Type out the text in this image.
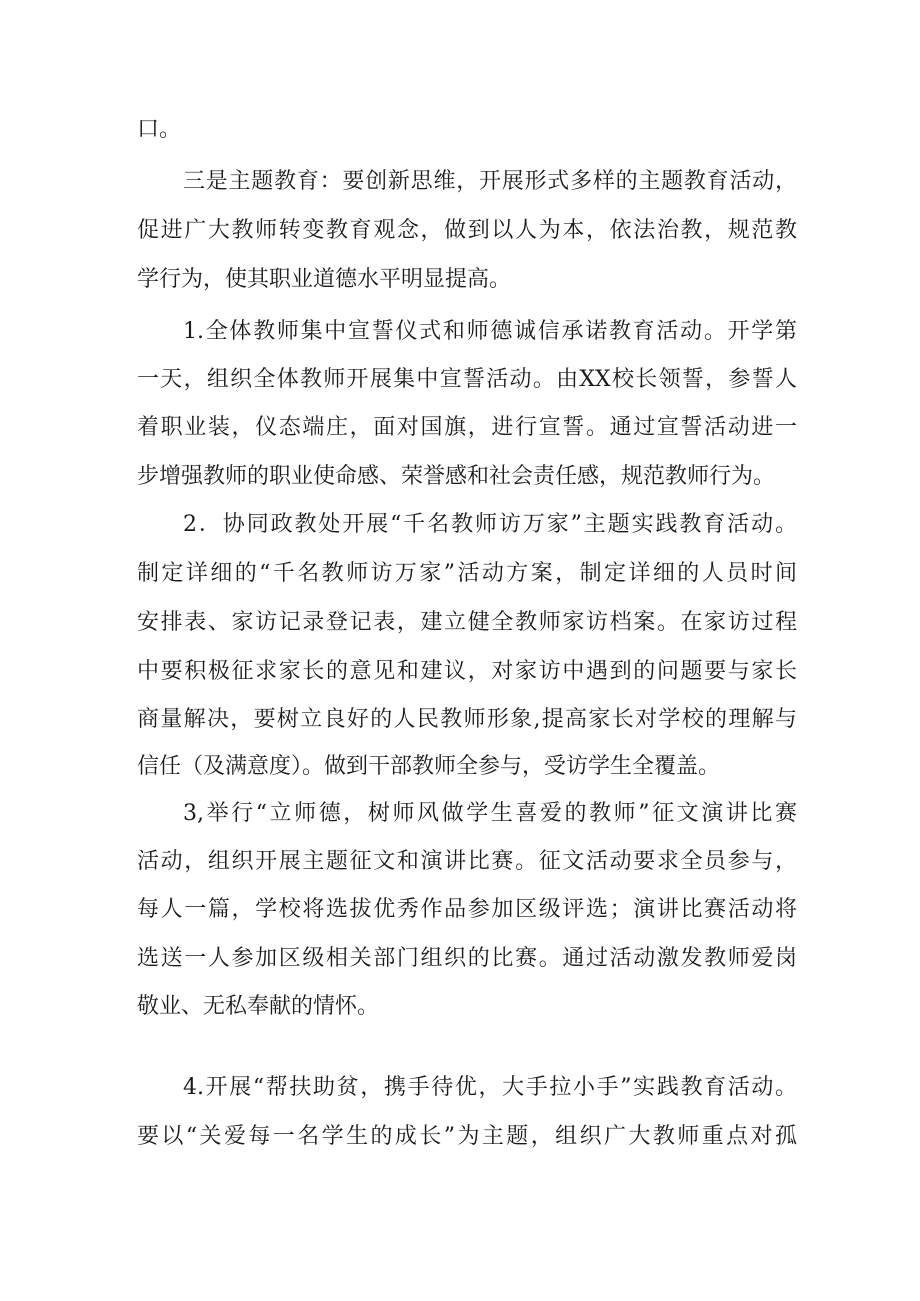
口。
三是主题教育：要创新思维，开展形式多样的主题教育活动，
促进广大教师转变教育观念，做到以人为本，依法治教，规范教
学行为，使其职业道德水平明显提高。
1.全体教师集中宣誓仪式和师德诚信承诺教育活动。开学第
一天，组织全体教师开展集中宣誓活动。由XX校长领誓，参誓人
着职业装，仪态端庄，面对国旗，进行宣誓。通过宣誓活动进一
步增强教师的职业使命感、荣誉感和社会责任感，规范教师行为。
2．协同政教处开展“千名教师访万家”主题实践教育活动。
制定详细的“千名教师访万家”活动方案，制定详细的人员时间
安排表、家访记录登记表，建立健全教师家访档案。在家访过程
中要积极征求家长的意见和建议，对家访中遇到的问题要与家长
商量解决，要树立良好的人民教师形象,提高家长对学校的理解与
信任（及满意度）。做到干部教师全参与，受访学生全覆盖。
3,举行“立师德，树师风做学生喜爱的教师”征文演讲比赛
活动，组织开展主题征文和演讲比赛。征文活动要求全员参与，
每人一篇，学校将选拔优秀作品参加区级评选；演讲比赛活动将
选送一人参加区级相关部门组织的比赛。通过活动激发教师爱岗
敬业、无私奉献的情怀。
4.开展“帮扶助贫，携手待优，大手拉小手”实践教育活动。
要以“关爱每一名学生的成长”为主题，组织广大教师重点对孤
